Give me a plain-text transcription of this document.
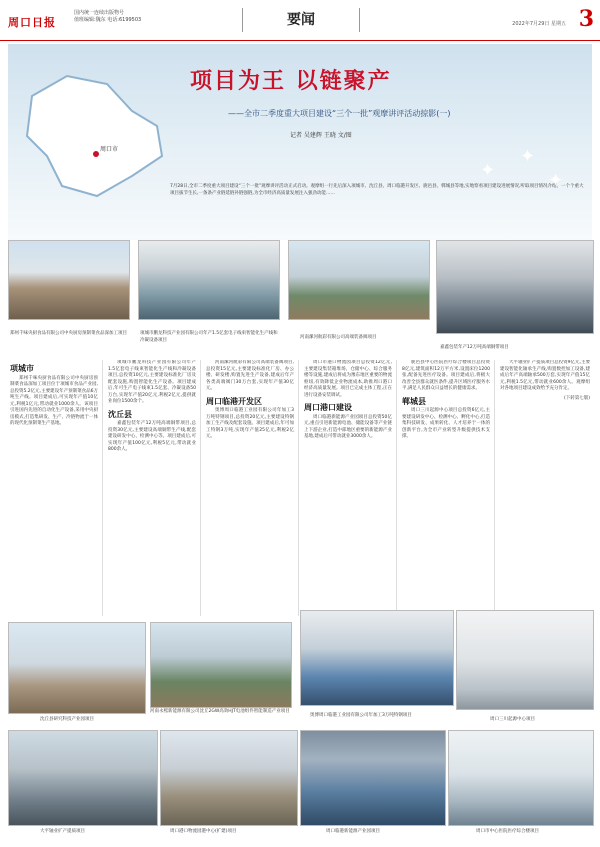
周口日报
国内统一连续出版物号
值班编辑:魏东 电话:6199503	要闻	2022年7月29日 星期五 3
周口市
项目为王 以链聚产
——全市二季度重大项目建设“三个一批”观摩讲评活动掠影(一)
记者 吴建辉 王晓 文/图
7月28日,全市二季度重大项目建设“三个一批”观摩讲评活动正式启动。观摩组一行先后深入项城市、沈丘县、周口临港开发区、鹿邑县、郸城县等地,实地察看项目建设进展情况,听取项目情况介绍。一个个重大项目拔节生长,一条条产业链延链补链强链,为全市经济高质量发展注入强劲动能……
✦
✦
✦
郑州千味央厨食品有限公司中央厨房预制菜食品深加工项目	项城市鹏龙科技产业园有限公司年产1.5亿套电子线束智能化生产线和冷凝设备项目
河南漯河航彩有限公司高端装备阀项目
嘉鑫包装年产12万吨高端铜带项目
项城市
郑州千味央厨食品有限公司中央厨房预制菜食品深加工项目位于项城市食品产业园,总投资5.2亿元,主要建设年产预制菜食品6万吨生产线。项目建成后,可实现年产值10亿元,利税1亿元,带动就业1000余人。该项目引进国内先进的自动化生产设备,采用中央厨房模式,打造集研发、生产、冷链物流于一体的现代化预制菜生产基地。
项城市鹏龙科技产业园有限公司年产1.5亿套电子线束智能化生产线和冷凝设备项目,总投资10亿元,主要建设标准化厂房及配套设施,购置智能化生产设备。项目建成后,年可生产电子线束1.5亿套、冷凝设备50万台,实现年产值20亿元,利税2亿元,提供就业岗位1500余个。
沈丘县
嘉鑫包装年产12万吨高端铜带项目,总投资30亿元,主要建设高端铜带生产线,配套建设研发中心、检测中心等。项目建成后,可实现年产值100亿元,利税5亿元,带动就业800余人。
河南漯河航彩有限公司高端装备阀项目,总投资15亿元,主要建设标准化厂房、办公楼、研发楼,购置先进生产设备,建成后年产各类高端阀门30万台套,实现年产值30亿元。
周口临港开发区
奥博周口临港工业园有限公司年加工3万吨特钢项目,总投资20亿元,主要建设特钢加工生产线及配套设施。项目建成后,年可加工特钢3万吨,实现年产值25亿元,利税2亿元。
周口市港口物流园项目总投资12亿元,主要建设集装箱堆场、仓储中心、综合服务楼等设施,建成后将成为豫东地区重要的物流枢纽,有效降低企业物流成本,助推周口港口经济高质量发展。项目已完成主体工程,正在进行设备安装调试。
周口港口建设
周口临港新能源产业园项目总投资50亿元,重点引进新能源电池、储能设备等产业链上下游企业,打造中部地区重要的新能源产业基地,建成后可带动就业3000余人。
鹿邑县中心医院医疗综合楼项目总投资8亿元,建筑面积12万平方米,设置床位1200张,配备先进医疗设备。项目建成后,将极大改善全县群众就医条件,提升区域医疗服务水平,满足人民群众日益增长的健康需求。
郸城县
周口三川起源中心项目总投资6亿元,主要建设研发中心、检测中心、孵化中心,打造集科技研发、成果转化、人才培养于一体的创新平台,为全市产业转型升级提供技术支撑。
大平轴业扩产提质项目总投资9亿元,主要建设智能化轴承生产线,购置数控加工设备,建成后年产高端轴承500万套,实现年产值15亿元,利税1.5亿元,带动就业600余人。观摩组对各地项目建设成效给予充分肯定。
(下转第七版)
沈丘县研究科技产业园项目
河南永熙新能源有限公司沈丘2GW高效HJT电池组件智能制造产业项目
奥博周口临港工业园有限公司年加工3万吨特钢项目
周口三川起源中心项目
大平轴业扩产提质项目	周口港口物流园港中心(扩建)项目	周口临港新能源产业园项目	周口市中心医院医疗综合楼项目
